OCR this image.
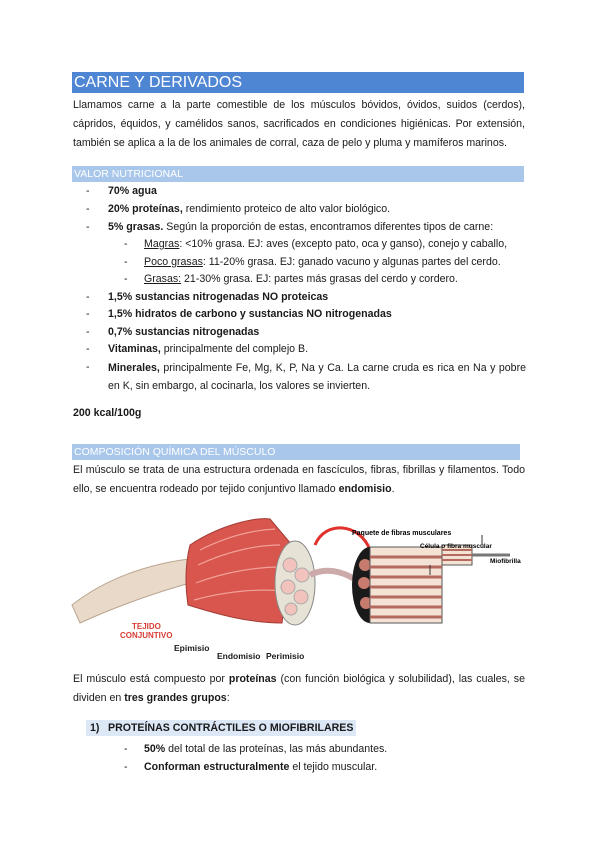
CARNE Y DERIVADOS

Llamamos carne a la parte comestible de los músculos bóvidos, óvidos, suidos (cerdos), cápridos, équidos, y camélidos sanos, sacrificados en condiciones higiénicas. Por extensión, también se aplica a la de los animales de corral, caza de pelo y pluma y mamíferos marinos.

VALOR NUTRICIONAL
-	70% agua
-	20% proteínas, rendimiento proteico de alto valor biológico.
-	5% grasas. Según la proporción de estas, encontramos diferentes tipos de carne:
-	Magras: <10% grasa. EJ: aves (excepto pato, oca y ganso), conejo y caballo,
-	Poco grasas: 11-20% grasa. EJ: ganado vacuno y algunas partes del cerdo.
-	Grasas: 21-30% grasa. EJ: partes más grasas del cerdo y cordero.
-	1,5% sustancias nitrogenadas NO proteicas
-	1,5% hidratos de carbono y sustancias NO nitrogenadas
-	0,7% sustancias nitrogenadas
-	Vitaminas, principalmente del complejo B.
-	Minerales, principalmente Fe, Mg, K, P, Na y Ca. La carne cruda es rica en Na y pobre en K, sin embargo, al cocinarla, los valores se invierten.
200 kcal/100g
COMPOSICIÓN QUÍMICA DEL MÚSCULO

El músculo se trata de una estructura ordenada en fascículos, fibras, fibrillas y filamentos. Todo ello, se encuentra rodeado por tejido conjuntivo llamado endomisio.

Paquete de fibras musculares
Célula o fibra muscular
Miofibrilla
TEJIDO
CONJUNTIVO
Epimisio
Endomisio Perimisio

El músculo está compuesto por proteínas (con función biológica y solubilidad), las cuales, se dividen en tres grandes grupos:

1) PROTEÍNAS CONTRÁCTILES O MIOFIBRILARES
-	50% del total de las proteínas, las más abundantes.
-	Conforman estructuralmente el tejido muscular.
